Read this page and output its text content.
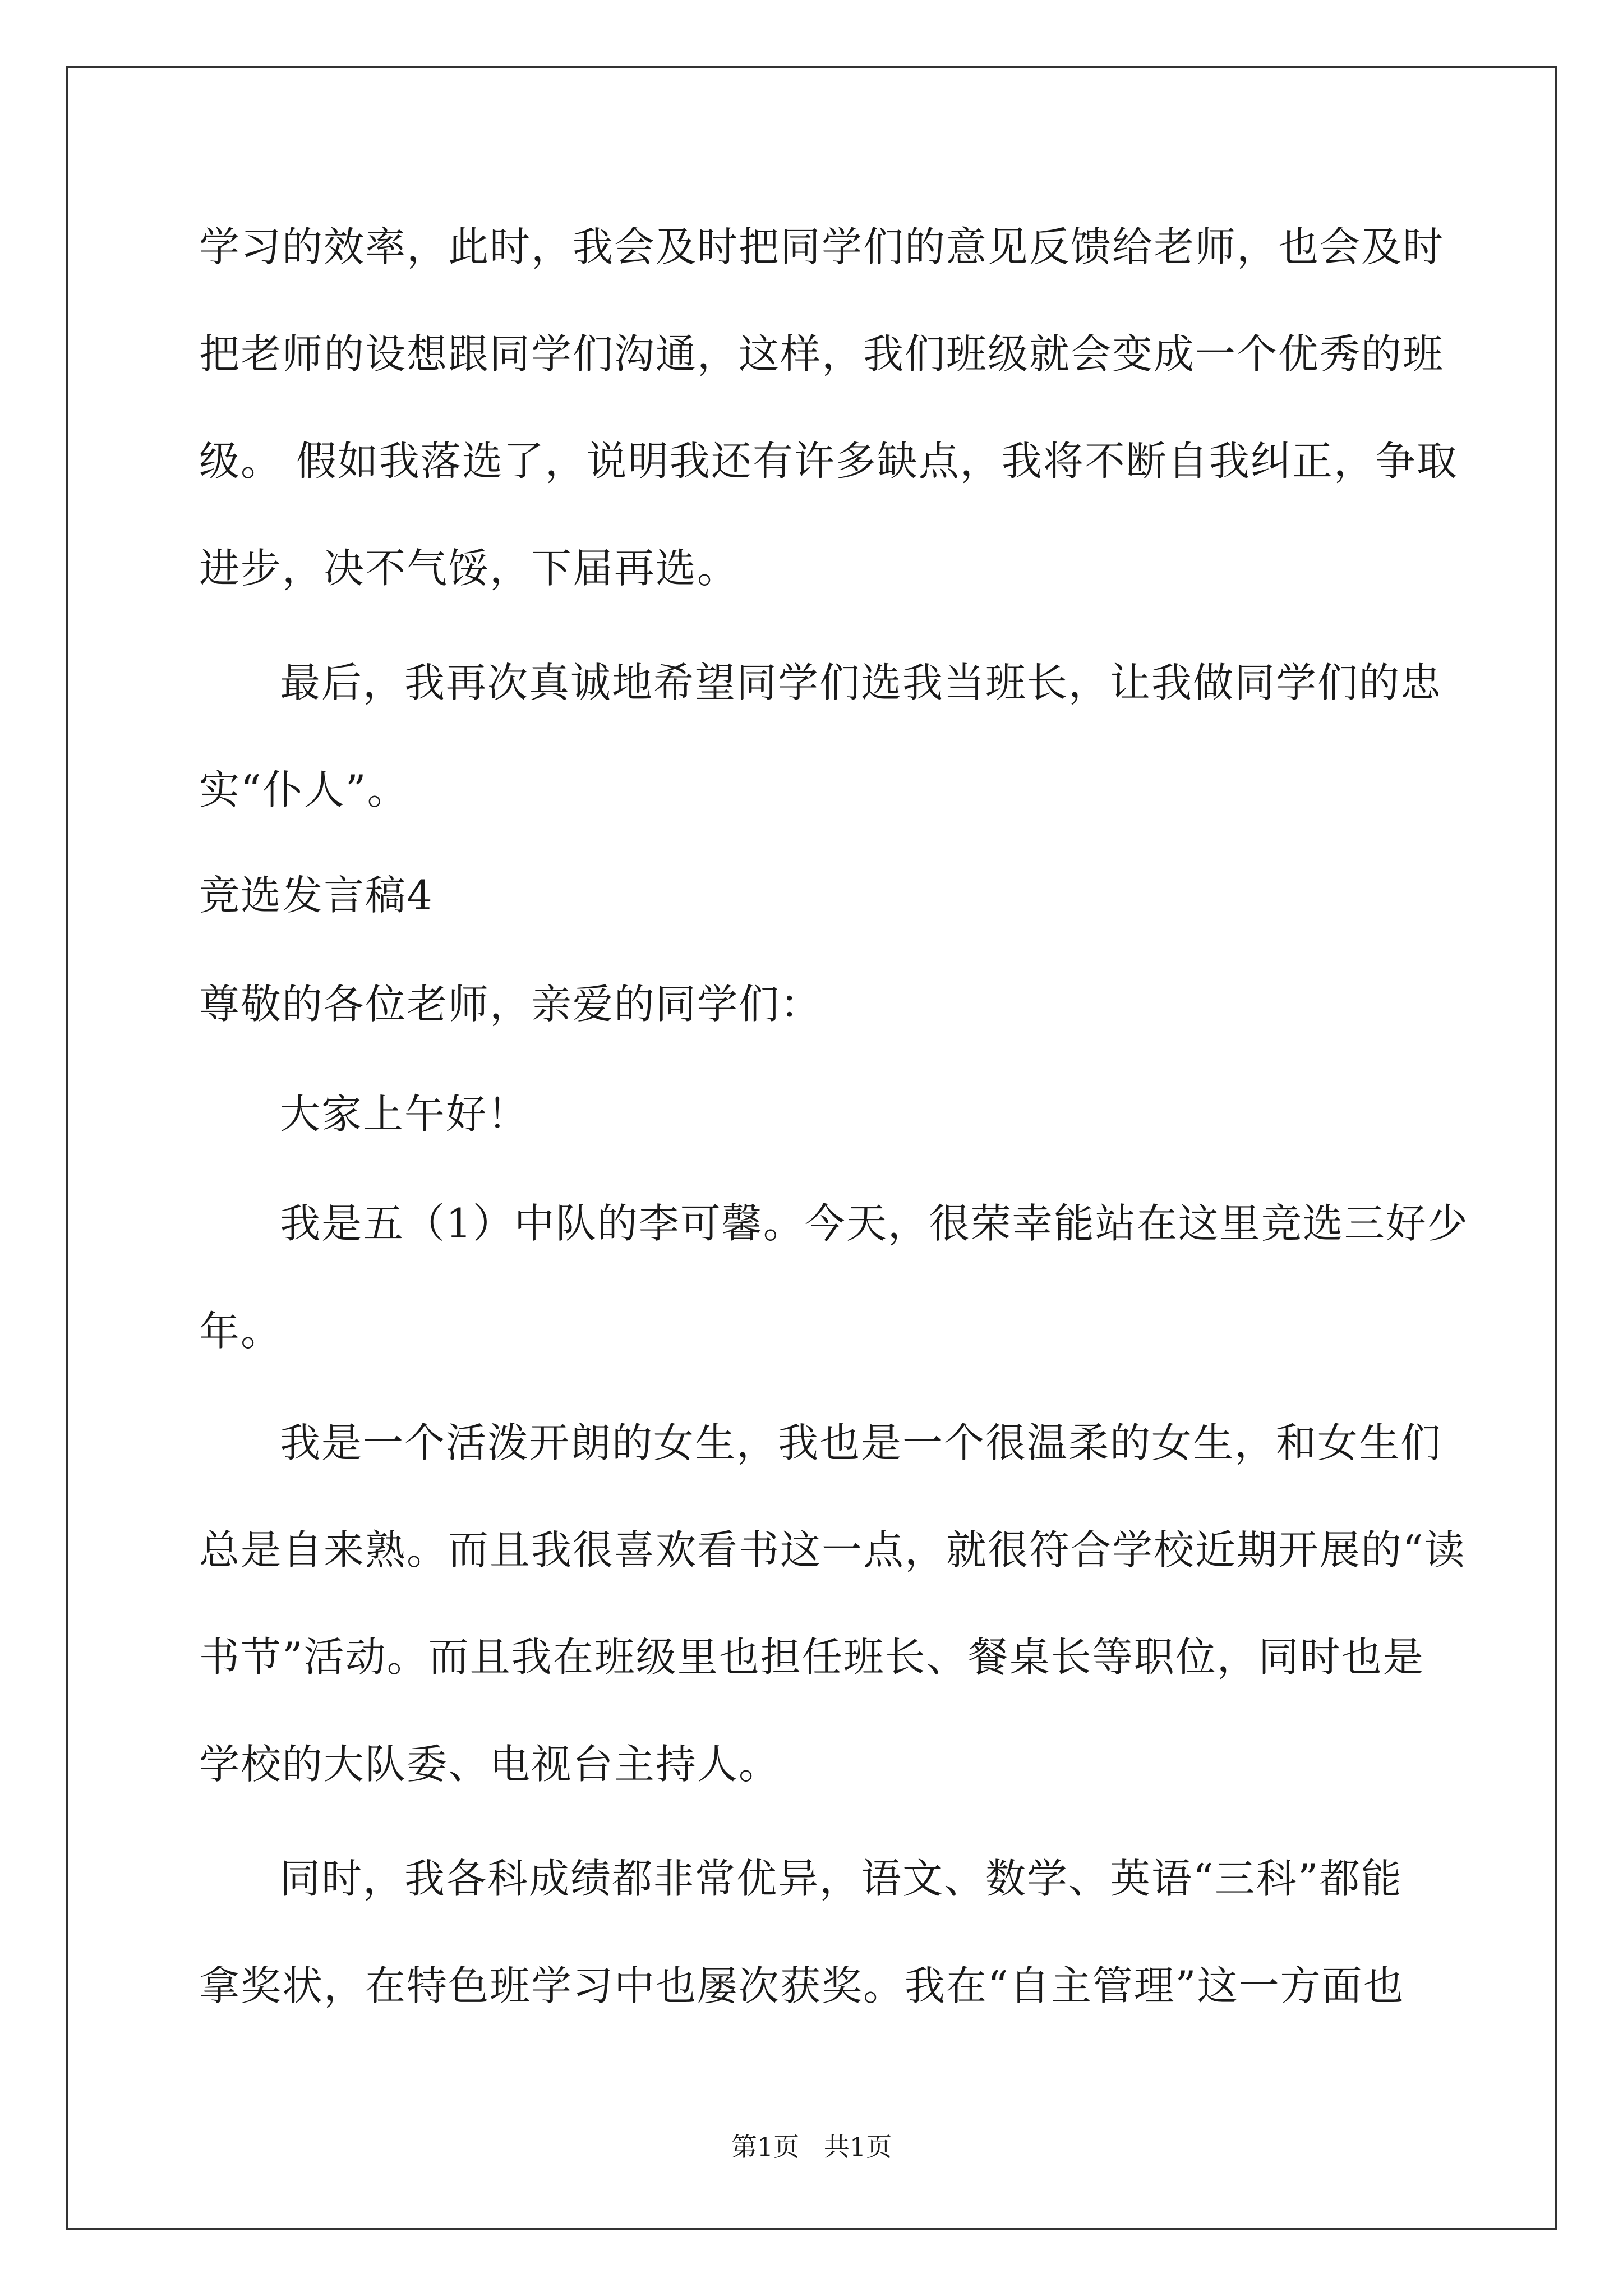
学习的效率，此时，我会及时把同学们的意见反馈给老师，也会及时
把老师的设想跟同学们沟通，这样，我们班级就会变成一个优秀的班
级。 假如我落选了，说明我还有许多缺点，我将不断自我纠正，争取
进步，决不气馁，下届再选。
最后，我再次真诚地希望同学们选我当班长，让我做同学们的忠
实“仆人”。
竞选发言稿4
尊敬的各位老师，亲爱的同学们：
大家上午好！
我是五（1）中队的李可馨。今天，很荣幸能站在这里竞选三好少
年。
我是一个活泼开朗的女生，我也是一个很温柔的女生，和女生们
总是自来熟。而且我很喜欢看书这一点，就很符合学校近期开展的“读
书节”活动。而且我在班级里也担任班长、餐桌长等职位，同时也是
学校的大队委、电视台主持人。
同时，我各科成绩都非常优异，语文、数学、英语“三科”都能
拿奖状，在特色班学习中也屡次获奖。我在“自主管理”这一方面也
第1页   共1页
